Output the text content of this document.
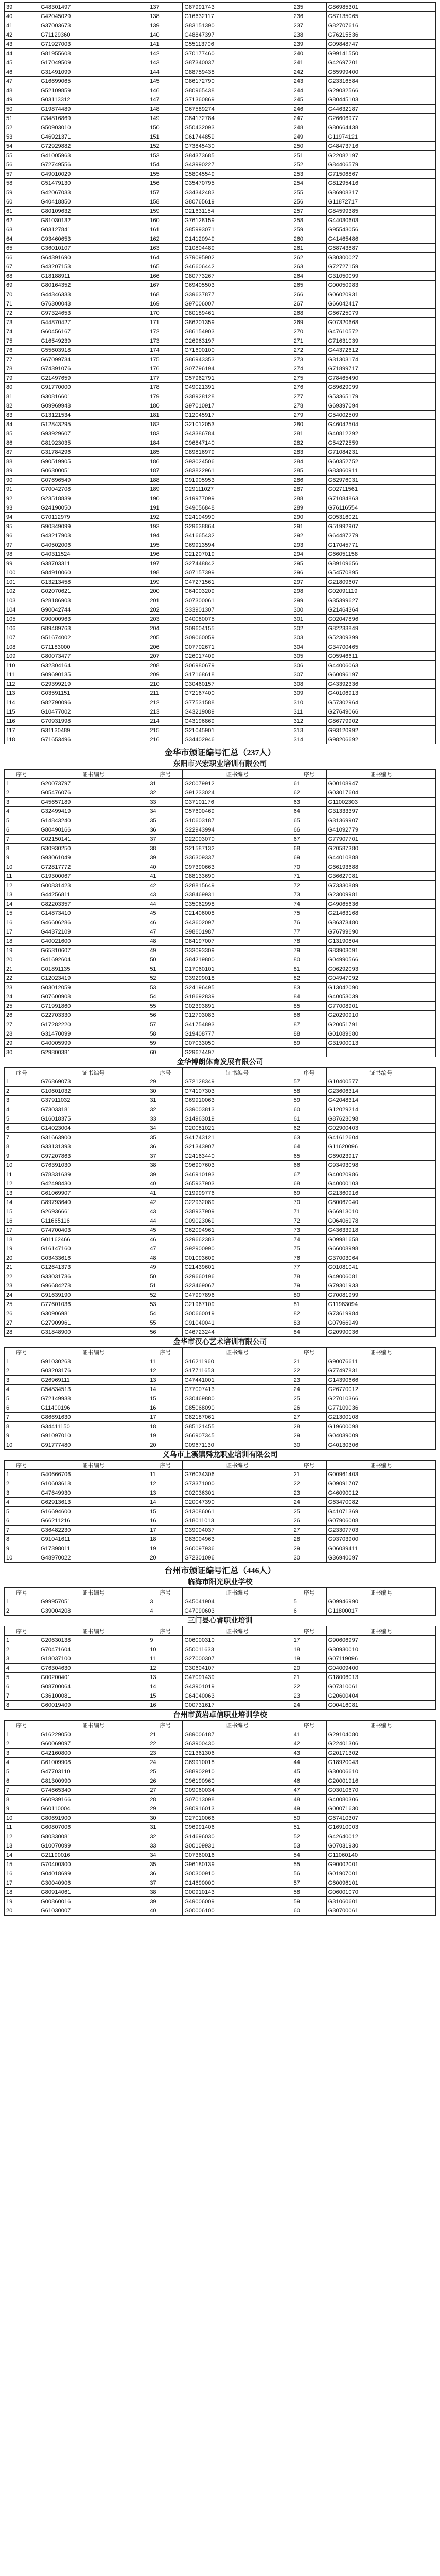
39	G48301497	137	G87991743	235	G86985301
40	G42045029	138	G16632117	236	G87135065
41	G37003673	139	G83151390	237	G82707616
42	G71129360	140	G48847397	238	G76215536
43	G71927003	141	G55113706	239	G09848747
44	G81955608	142	G70177460	240	G99141550
45	G17049509	143	G87340037	241	G42697201
46	G31491099	144	G88759438	242	G65999400
47	G16699065	145	G86172790	243	G23316584
48	G52109859	146	G80965438	244	G29032566
49	G03113312	147	G71360869	245	G80445103
50	G19874489	148	G67589274	246	G44632187
51	G34816869	149	G84172784	247	G26606977
52	G50903010	150	G50432093	248	G80664438
53	G46921371	151	G61744859	249	G11974121
54	G72929882	152	G73845430	250	G48473716
55	G41005963	153	G84373685	251	G22082197
56	G72749556	154	G43990227	252	G84406579
57	G49010029	155	G58045549	253	G71506867
58	G51479130	156	G35470795	254	G81295416
59	G42067033	157	G34342483	255	G86908317
60	G40418850	158	G80765619	256	G11872717
61	G80109632	159	G21631154	257	G84599385
62	G81030132	160	G76128159	258	G44030603
63	G03127841	161	G85993071	259	G95543056
64	G93460653	162	G14120949	260	G41465486
65	G36010107	163	G10804489	261	G68743887
66	G64391690	164	G79095902	262	G30300027
67	G43207153	165	G46606442	263	G72727159
68	G18188911	166	G80773267	264	G31050099
69	G80164352	167	G69405503	265	G00050983
70	G44346333	168	G39637877	266	G06020931
71	G76300043	169	G97006007	267	G66042417
72	G97324653	170	G80189461	268	G66725079
73	G44870427	171	G86201359	269	G07320668
74	G60456167	172	G86154903	270	G47610572
75	G16549239	173	G26963197	271	G71631039
76	G55603918	174	G71600100	272	G44372612
77	G67099734	175	G86943353	273	G31303174
78	G74391076	176	G07796194	274	G71899717
79	G21497659	177	G57962791	275	G78465490
80	G91770000	178	G49021391	276	G89629099
81	G30816601	179	G38928128	277	G53365179
82	G09969948	180	G97010917	278	G69397094
83	G13121534	181	G12045917	279	G54002509
84	G12843295	182	G21012053	280	G46042504
85	G93929607	183	G43386784	281	G40812292
86	G81923035	184	G96847140	282	G54272559
87	G31784296	185	G89816979	283	G71084231
88	G90519905	186	G93024506	284	G60352752
89	G06300051	187	G83822961	285	G83860911
90	G07696549	188	G91905953	286	G62976031
91	G70042708	189	G29111027	287	G02711561
92	G23518839	190	G19977099	288	G71084863
93	G24190050	191	G49056848	289	G76116554
94	G70112979	192	G24104990	290	G05316021
95	G90349099	193	G29638864	291	G51992907
96	G43217903	194	G41665432	292	G64487279
97	G40502006	195	G69913594	293	G17045771
98	G40311524	196	G21207019	294	G66051158
99	G38703311	197	G27448842	295	G89109656
100	G84910060	198	G07157399	296	G54570895
101	G13213458	199	G47271561	297	G21809607
102	G02070621	200	G64003209	298	G02091119
103	G28186903	201	G07300061	299	G35399627
104	G90042744	202	G33901307	300	G21464364
105	G90000963	203	G40080075	301	G02047896
106	G89489763	204	G09604155	302	G82233849
107	G51674002	205	G09060059	303	G52309399
108	G71183000	206	G07702671	304	G34700465
109	G80073477	207	G26017409	305	G05946611
110	G32304164	208	G06980679	306	G44006063
111	G09690135	209	G17168618	307	G60096197
112	G29399219	210	G30460157	308	G43392336
113	G03591151	211	G72167400	309	G40106913
114	G82790096	212	G77531588	310	G57302964
115	G10477002	213	G43219089	311	G27649066
116	G70931998	214	G43196869	312	G86779902
117	G31130489	215	G21045901	313	G93120992
118	G71653496	216	G34402946	314	G98206692
金华市颁证编号汇总（237人）
东阳市兴宏职业培训有限公司
序号	证书编号	序号	证书编号	序号	证书编号
1	G20073797	31	G20079912	61	G00108947
2	G05476076	32	G91233024	62	G03017604
3	G45657189	33	G37101176	63	G11002303
4	G32499419	34	G57600469	64	G31333397
5	G14843240	35	G10603187	65	G31369907
6	G80490166	36	G22943994	66	G41092779
7	G02150141	37	G22003070	67	G77907701
8	G30930250	38	G21587132	68	G20587380
9	G93061049	39	G36309337	69	G44010888
10	G72817772	40	G97390663	70	G66193688
11	G19300067	41	G88133690	71	G36627081
12	G00831423	42	G28815649	72	G73330889
13	G44256811	43	G38469931	73	G23009981
14	G82203357	44	G35062998	74	G49065636
15	G14873410	45	G21406008	75	G21463168
16	G46606286	46	G43602097	76	G86373480
17	G44372109	47	G98601987	77	G76799690
18	G40021600	48	G84197007	78	G13190804
19	G65310607	49	G33093309	79	G83903091
20	G41692604	50	G84219800	80	G04990566
21	G01891135	51	G17060101	81	G06292093
22	G12023419	52	G39299018	82	G04947092
23	G03012059	53	G24196495	83	G13042090
24	G07600908	54	G18692839	84	G40053039
25	G71991860	55	G02393891	85	G77008901
26	G22703330	56	G12703083	86	G20290910
27	G17282220	57	G41754893	87	G20051791
28	G31470099	58	G19408777	88	G01089680
29	G40005999	59	G07033050	89	G31900013
30	G29800381	60	G29674497		
金华博朗体育发展有限公司
序号	证书编号	序号	证书编号	序号	证书编号
1	G76869073	29	G72128349	57	G10400577
2	G10601032	30	G74107303	58	G23606314
3	G37911032	31	G69910063	59	G42048314
4	G73033181	32	G39003813	60	G12029214
5	G16018375	33	G14963019	61	G87623098
6	G14023004	34	G20081021	62	G02900403
7	G31663900	35	G41743121	63	G41612604
8	G33131393	36	G21343907	64	G11620096
9	G97207863	37	G24163440	65	G69023917
10	G76391030	38	G96907603	66	G93493098
11	G78331639	39	G46910193	67	G40020986
12	G42498430	40	G65937903	68	G40000103
13	G61069907	41	G19999776	69	G21360916
14	G89793640	42	G22932089	70	G80067040
15	G26936661	43	G38937909	71	G66913010
16	G11665116	44	G09023069	72	G06406978
17	G74700403	45	G62094961	73	G43633918
18	G01162466	46	G29662383	74	G09981658
19	G16147160	47	G92900990	75	G66008998
20	G03433616	48	G01093609	76	G37003064
21	G12641373	49	G21439601	77	G01081041
22	G33031736	50	G29660196	78	G49006081
23	G96684278	51	G23469067	79	G79301933
24	G91639190	52	G47997896	80	G70081999
25	G77601036	53	G21967109	81	G11983094
26	G30906981	54	G00660019	82	G73619984
27	G27909961	55	G91040041	83	G07966949
28	G31848900	56	G46723244	84	G20990036
金华市汉心艺术培训有限公司
序号	证书编号	序号	证书编号	序号	证书编号
1	G91030268	11	G16211960	21	G90076611
2	G03203176	12	G17711653	22	G77497831
3	G26969111	13	G47441001	23	G14390666
4	G54834513	14	G77007413	24	G26770012
5	G72149938	15	G30469880	25	G27010366
6	G11400196	16	G85068090	26	G77109036
7	G86691630	17	G82187061	27	G21300108
8	G34411150	18	G85121455	28	G19600098
9	G91097010	19	G66907345	29	G04039009
10	G91777480	20	G09671130	30	G40130306
义乌市上溪镇舜龙职业培训有限公司
序号	证书编号	序号	证书编号	序号	证书编号
1	G40666706	11	G76034306	21	G00961403
2	G10603618	12	G73371000	22	G09091707
3	G47649930	13	G02036301	23	G46090012
4	G62913613	14	G20047390	24	G63470082
5	G16694600	15	G13086061	25	G41071369
6	G66211216	16	G18011013	26	G07906008
7	G36482230	17	G39004037	27	G23307703
8	G91041611	18	G83004963	28	G93703900
9	G17398011	19	G60097936	29	G06039411
10	G48970022	20	G72301096	30	G36940097
台州市颁证编号汇总（446人）
临海市阳光职业学校
序号	证书编号	序号	证书编号	序号	证书编号
1	G99957051	3	G45041904	5	G09946990
2	G39004208	4	G47090603	6	G11800017
三门县心睿职业培训
序号	证书编号	序号	证书编号	序号	证书编号
1	G20630138	9	G06000310	17	G90606997
2	G70471604	10	G50011633	18	G30930010
3	G18037100	11	G27000307	19	G07119096
4	G76304630	12	G30604107	20	G04009400
5	G00200401	13	G47091439	21	G18006013
6	G08700064	14	G43901019	22	G07310061
7	G36100081	15	G64040063	23	G20600404
8	G60019409	16	G00731617	24	G00416081
台州市黄岩卓信职业培训学校
序号	证书编号	序号	证书编号	序号	证书编号
1	G16229050	21	G89006187	41	G29104080
2	G60069097	22	G63900430	42	G22401306
3	G42160800	23	G21361306	43	G20171302
4	G61009908	24	G69910018	44	G18920043
5	G47703110	25	G88902910	45	G30006610
6	G81300990	26	G96190960	46	G20001916
7	G74665340	27	G09060034	47	G03010670
8	G60939166	28	G07013098	48	G40080306
9	G60110004	29	G80916013	49	G00071630
10	G80691900	30	G27010066	50	G67410307
11	G60807006	31	G96991406	51	G16910003
12	G80330081	32	G14696030	52	G42640012
13	G10070099	33	G00109931	53	G07031930
14	G21190016	34	G07360016	54	G11060140
15	G70400300	35	G96180139	55	G90002001
16	G04018699	36	G00300910	56	G01907001
17	G30040906	37	G14690000	57	G60096101
18	G80914061	38	G00910143	58	G06001070
19	G00860016	39	G49006009	59	G31060601
20	G61030007	40	G00006100	60	G30700061
